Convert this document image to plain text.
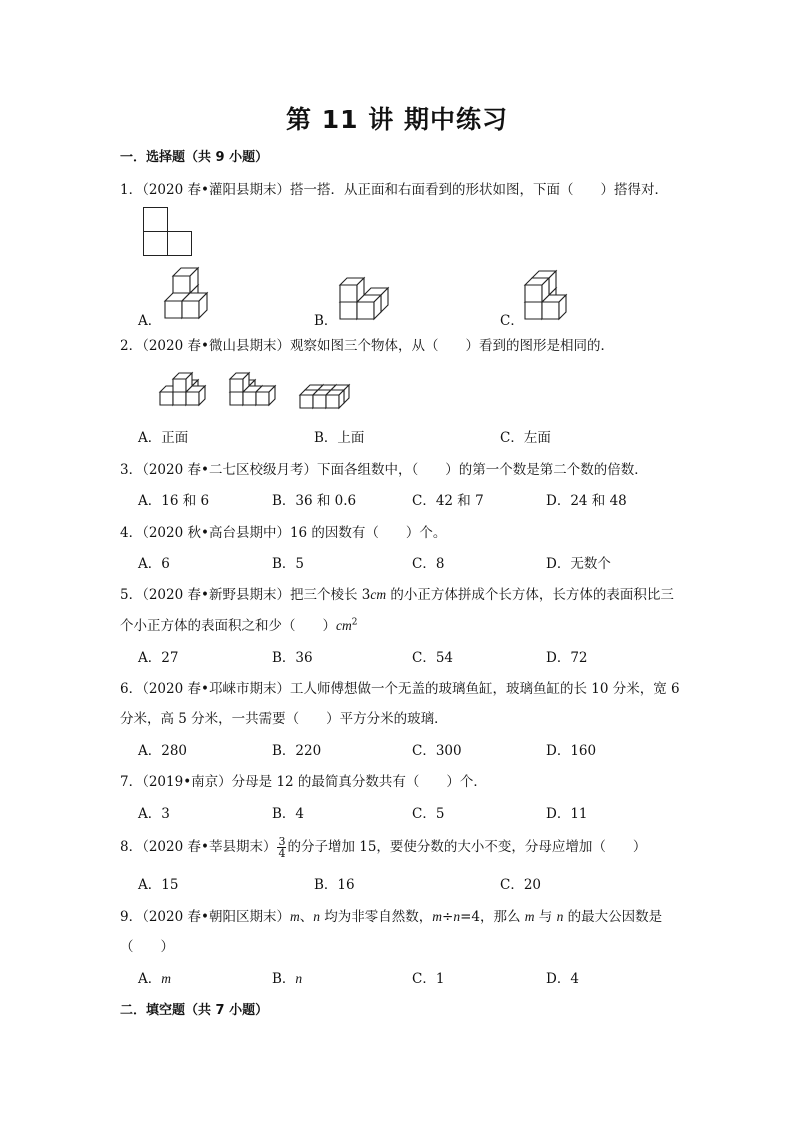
第 11 讲 期中练习
一．选择题（共 9 小题）
1．（2020 春•灌阳县期末）搭一搭．从正面和右面看到的形状如图，下面（　　）搭得对．
A．	B．	C．
2．（2020 春•微山县期末）观察如图三个物体，从（　　）看到的图形是相同的．
A．正面	B．上面	C．左面
3．（2020 春•二七区校级月考）下面各组数中，（　　）的第一个数是第二个数的倍数．
A．16 和 6	B．36 和 0.6	C．42 和 7	D．24 和 48
4．（2020 秋•高台县期中）16 的因数有（　　）个。
A．6	B．5	C．8	D．无数个
5．（2020 春•新野县期末）把三个棱长 3cm 的小正方体拼成个长方体，长方体的表面积比三
个小正方体的表面积之和少（　　）$cm^2$
A．27	B．36	C．54	D．72
6．（2020 春•邛崃市期末）工人师傅想做一个无盖的玻璃鱼缸，玻璃鱼缸的长 10 分米，宽 6
分米，高 5 分米，一共需要（　　）平方分米的玻璃．
A．280	B．220	C．300	D．160
7．（2019•南京）分母是 12 的最简真分数共有（　　）个．
A．3	B．4	C．5	D．11
8．（2020 春•莘县期末） $\frac{3}{4}$ 的分子增加 15，要使分数的大小不变，分母应增加（　　）
A．15	B．16	C．20
9．（2020 春•朝阳区期末）m、n 均为非零自然数，m÷n=4，那么 m 与 n 的最大公因数是
（　　）
A．m	B．n	C．1	D．4
二．填空题（共 7 小题）
